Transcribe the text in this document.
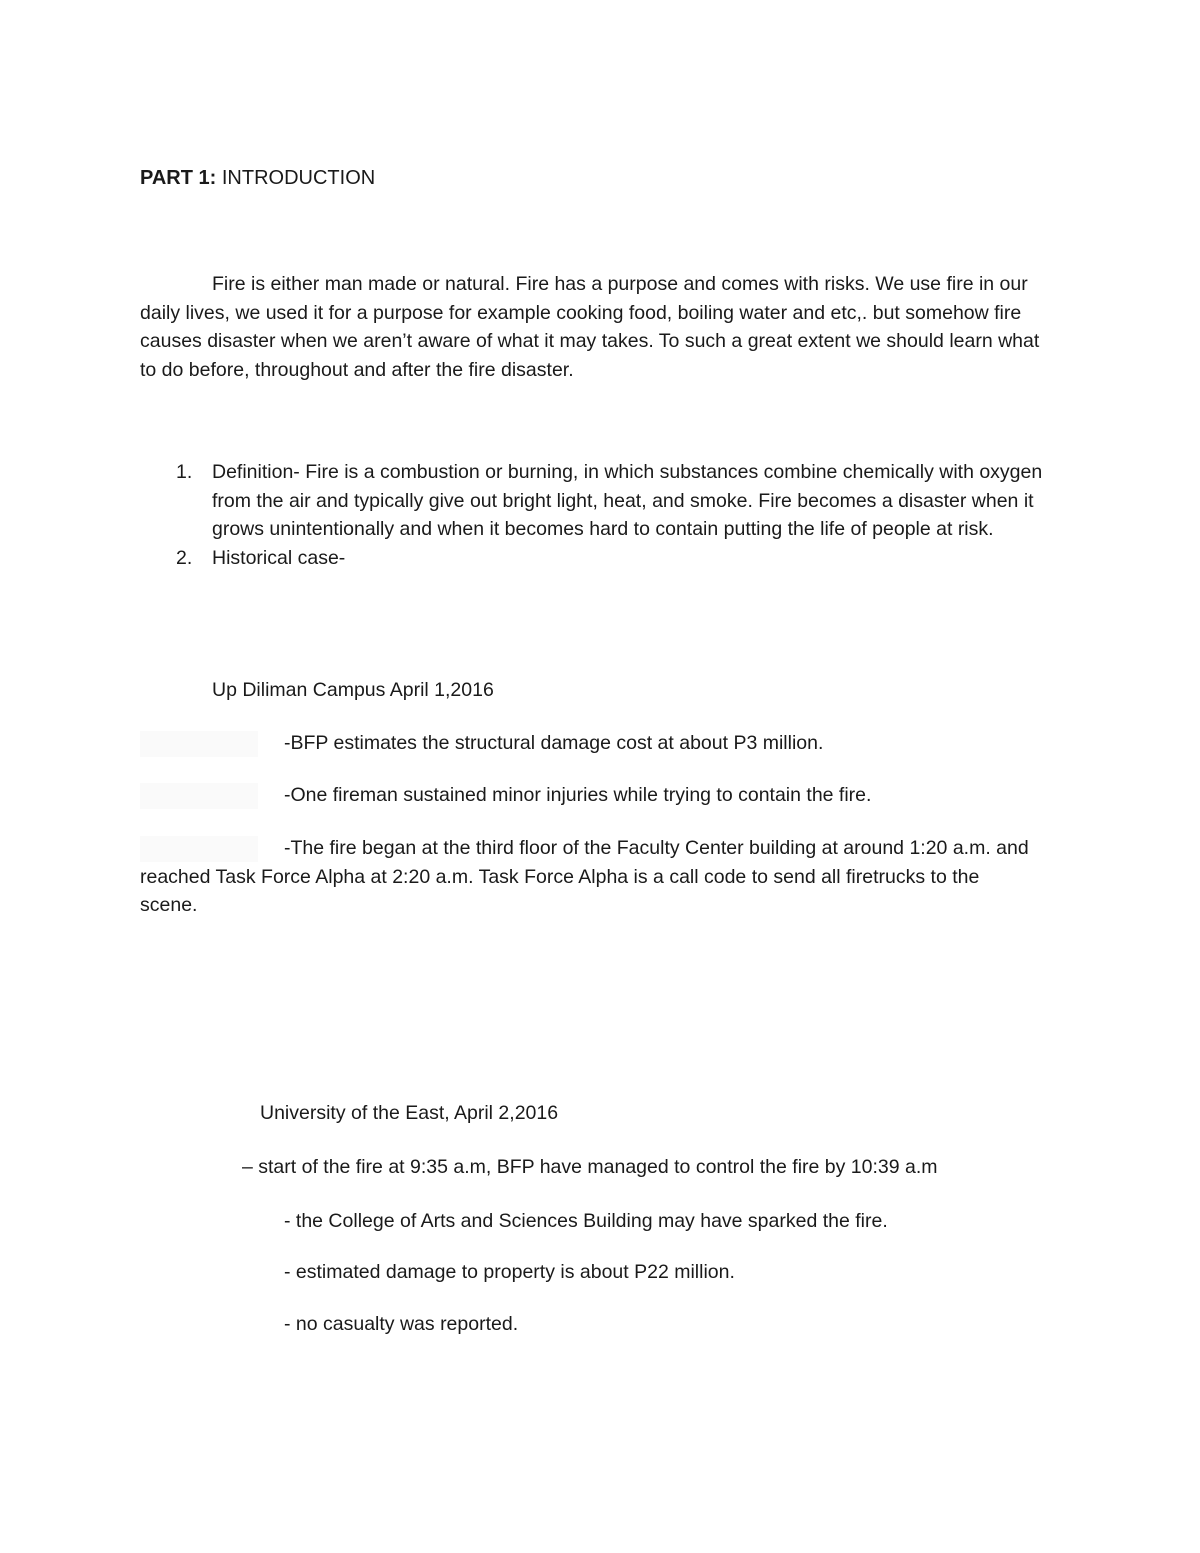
PART 1: INTRODUCTION

Fire is either man made or natural. Fire has a purpose and comes with risks. We use fire in our daily lives, we used it for a purpose for example cooking food, boiling water and etc,. but somehow fire causes disaster when we aren’t aware of what it may takes. To such a great extent we should learn what to do before, throughout and after the fire disaster.

1. Definition- Fire is a combustion or burning, in which substances combine chemically with oxygen from the air and typically give out bright light, heat, and smoke. Fire becomes a disaster when it grows unintentionally and when it becomes hard to contain putting the life of people at risk.
2. Historical case-

Up Diliman Campus April 1,2016

-BFP estimates the structural damage cost at about P3 million.

-One fireman sustained minor injuries while trying to contain the fire.

-The fire began at the third floor of the Faculty Center building at around 1:20 a.m. and reached Task Force Alpha at 2:20 a.m. Task Force Alpha is a call code to send all firetrucks to the scene.

University of the East, April 2,2016

– start of the fire at 9:35 a.m, BFP have managed to control the fire by 10:39 a.m

- the College of Arts and Sciences Building may have sparked the fire.

- estimated damage to property is about P22 million.

- no casualty was reported.
